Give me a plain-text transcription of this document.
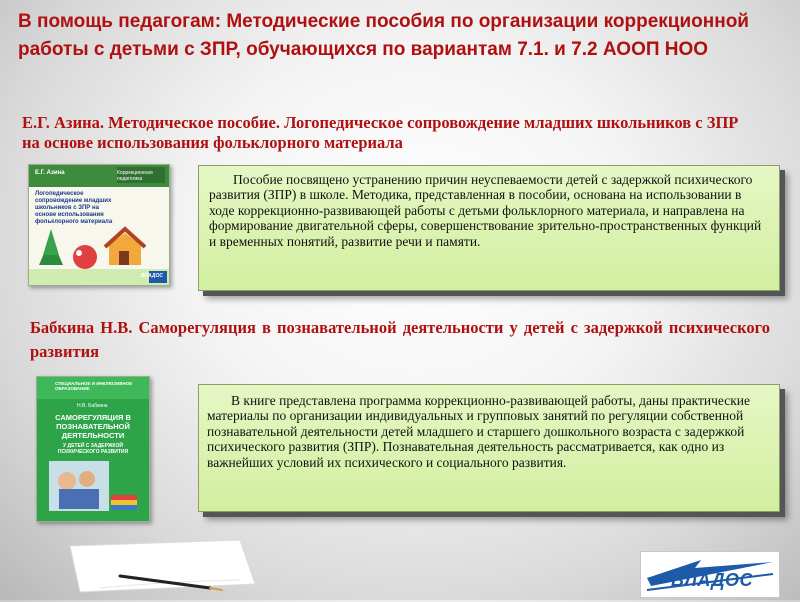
В помощь педагогам: Методические пособия по организации коррекционной работы с детьми с ЗПР, обучающихся по вариантам 7.1. и 7.2 АООП НОО
Е.Г. Азина. Методическое пособие. Логопедическое сопровождение младших школьников с ЗПР на основе использования фольклорного материала
Е.Г. Азина	Коррекционная педагогика
Логопедическое сопровождение младших школьников с ЗПР на основе использования фольклорного материала
ВЛАДОС
Пособие посвящено устранению причин неуспеваемости детей с задержкой психического развития (ЗПР) в школе. Методика, представленная в пособии, основана на использовании в ходе коррекционно-развивающей работы с детьми фольклорного материала, и направлена на формирование двигательной сферы, совершенствование зрительно-пространственных функций и временных понятий, развитие речи и памяти.
Бабкина Н.В. Саморегуляция в познавательной деятельности у детей с задержкой психического развития
СПЕЦИАЛЬНОЕ И ИНКЛЮЗИВНОЕ ОБРАЗОВАНИЕ
Н.В. Бабкина
САМОРЕГУЛЯЦИЯ В ПОЗНАВАТЕЛЬНОЙ ДЕЯТЕЛЬНОСТИ
У ДЕТЕЙ С ЗАДЕРЖКОЙ ПСИХИЧЕСКОГО РАЗВИТИЯ
В книге представлена программа коррекционно-развивающей работы, даны практические материалы по организации индивидуальных и групповых занятий по регуляции собственной познавательной деятельности детей младшего и старшего дошкольного возраста с задержкой психического развития (ЗПР). Познавательная деятельность рассматривается, как одно из важнейших условий их психического и социального развития.
ВЛАДОС
